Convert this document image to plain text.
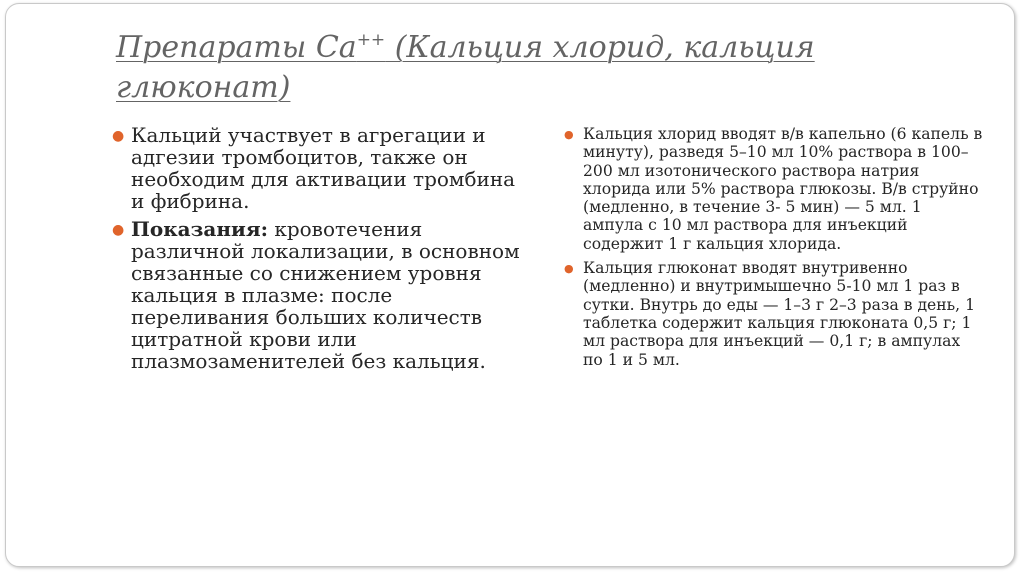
Препараты Ca++ (Кальция хлорид, кальция глюконат)

● Кальций участвует в агрегации и адгезии тромбоцитов, также он необходим для активации тромбина и фибрина.

● Показания: кровотечения различной локализации, в основном связанные со снижением уровня кальция в плазме: после переливания больших количеств цитратной крови или плазмозаменителей без кальция.

● Кальция хлорид вводят в/в капельно (6 капель в минуту), разведя 5–10 мл 10% раствора в 100–200 мл изотонического раствора натрия хлорида или 5% раствора глюкозы. В/в струйно (медленно, в течение 3- 5 мин) — 5 мл. 1 ампула с 10 мл раствора для инъекций содержит 1 г кальция хлорида.

● Кальция глюконат вводят внутривенно (медленно) и внутримышечно 5-10 мл 1 раз в сутки. Внутрь до еды — 1–3 г 2–3 раза в день, 1 таблетка содержит кальция глюконата 0,5 г; 1 мл раствора для инъекций — 0,1 г; в ампулах по 1 и 5 мл.
